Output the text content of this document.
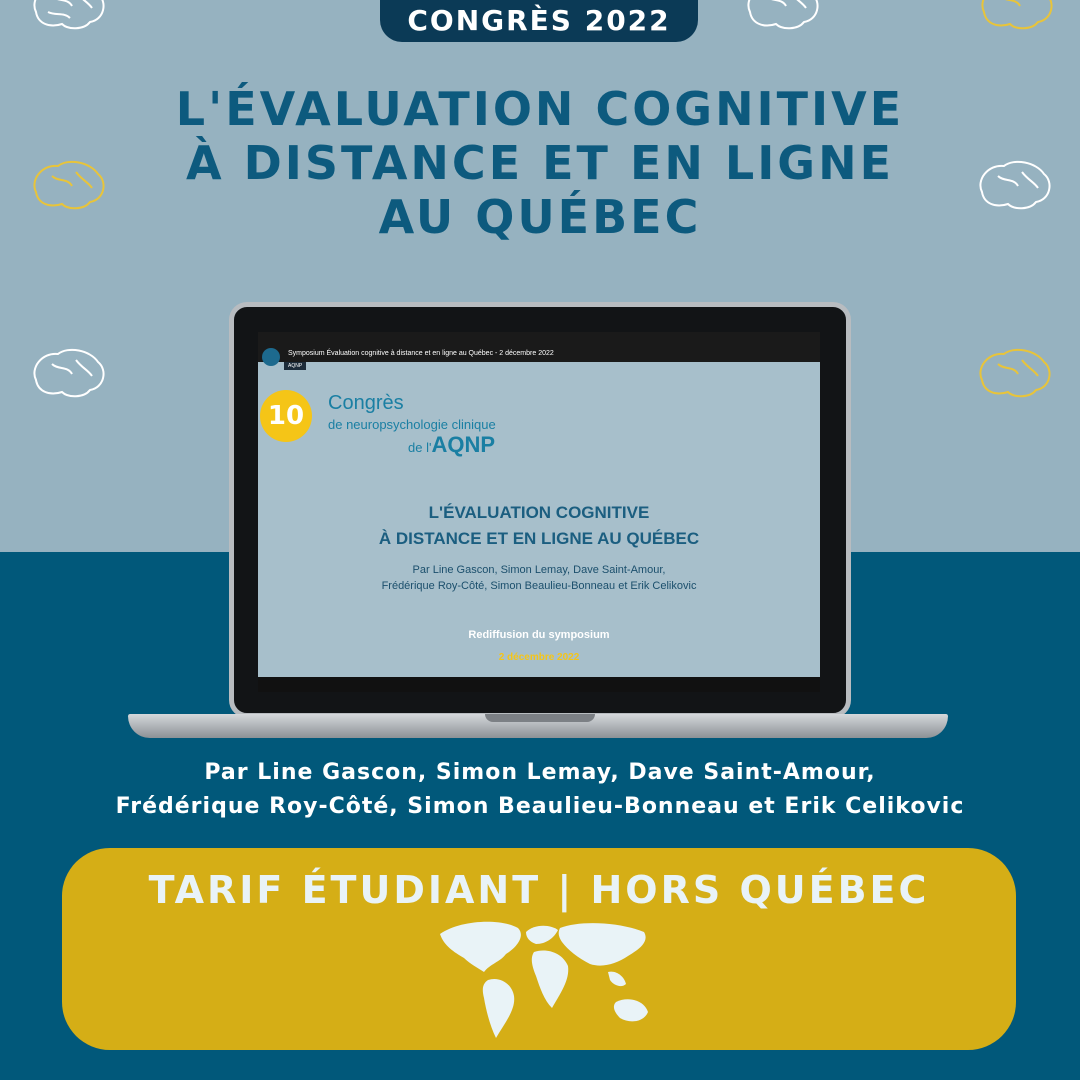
CONGRÈS 2022
L'ÉVALUATION COGNITIVE
À DISTANCE ET EN LIGNE
AU QUÉBEC
Symposium Évaluation cognitive à distance et en ligne au Québec - 2 décembre 2022
AQNP
10	Congrès
de neuropsychologie clinique
de l'AQNP
L'ÉVALUATION COGNITIVE
À DISTANCE ET EN LIGNE AU QUÉBEC
Par Line Gascon, Simon Lemay, Dave Saint-Amour,
Frédérique Roy-Côté, Simon Beaulieu-Bonneau et Erik Celikovic
Rediffusion du symposium
2 décembre 2022
Par Line Gascon, Simon Lemay, Dave Saint-Amour,
Frédérique Roy-Côté, Simon Beaulieu-Bonneau et Erik Celikovic
TARIF ÉTUDIANT | HORS QUÉBEC
